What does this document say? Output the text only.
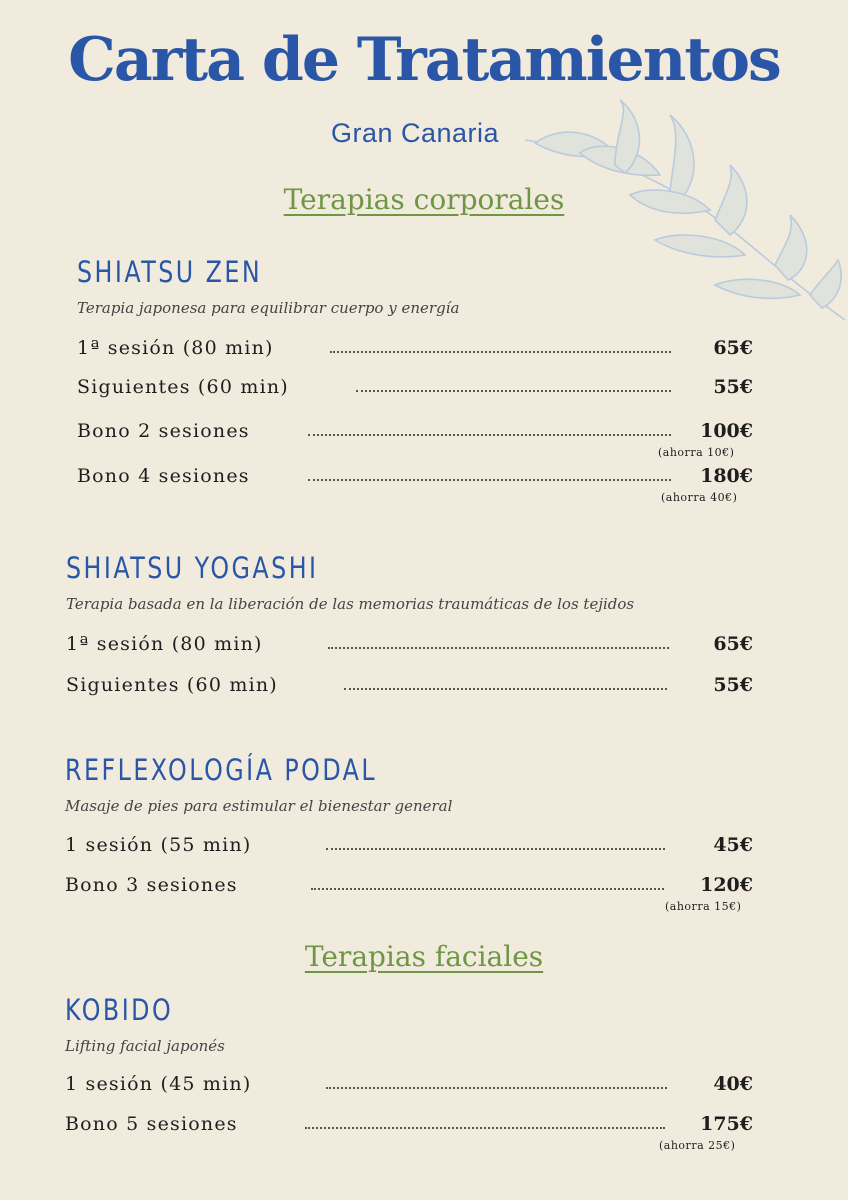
Carta de Tratamientos
Gran Canaria
Terapias corporales
Terapias faciales
SHIATSU ZEN
Terapia japonesa para equilibrar cuerpo y energía
1ª sesión (80 min)	65€
Siguientes (60 min)	55€
Bono 2 sesiones	100€
(ahorra 10€)
Bono 4 sesiones	180€
(ahorra 40€)
SHIATSU YOGASHI
Terapia basada en la liberación de las memorias traumáticas de los tejidos
1ª sesión (80 min)	65€
Siguientes (60 min)	55€
REFLEXOLOGÍA PODAL
Masaje de pies para estimular el bienestar general
1 sesión (55 min)	45€
Bono 3 sesiones	120€
(ahorra 15€)
KOBIDO
Lifting facial japonés
1 sesión (45 min)	40€
Bono 5 sesiones	175€
(ahorra 25€)
